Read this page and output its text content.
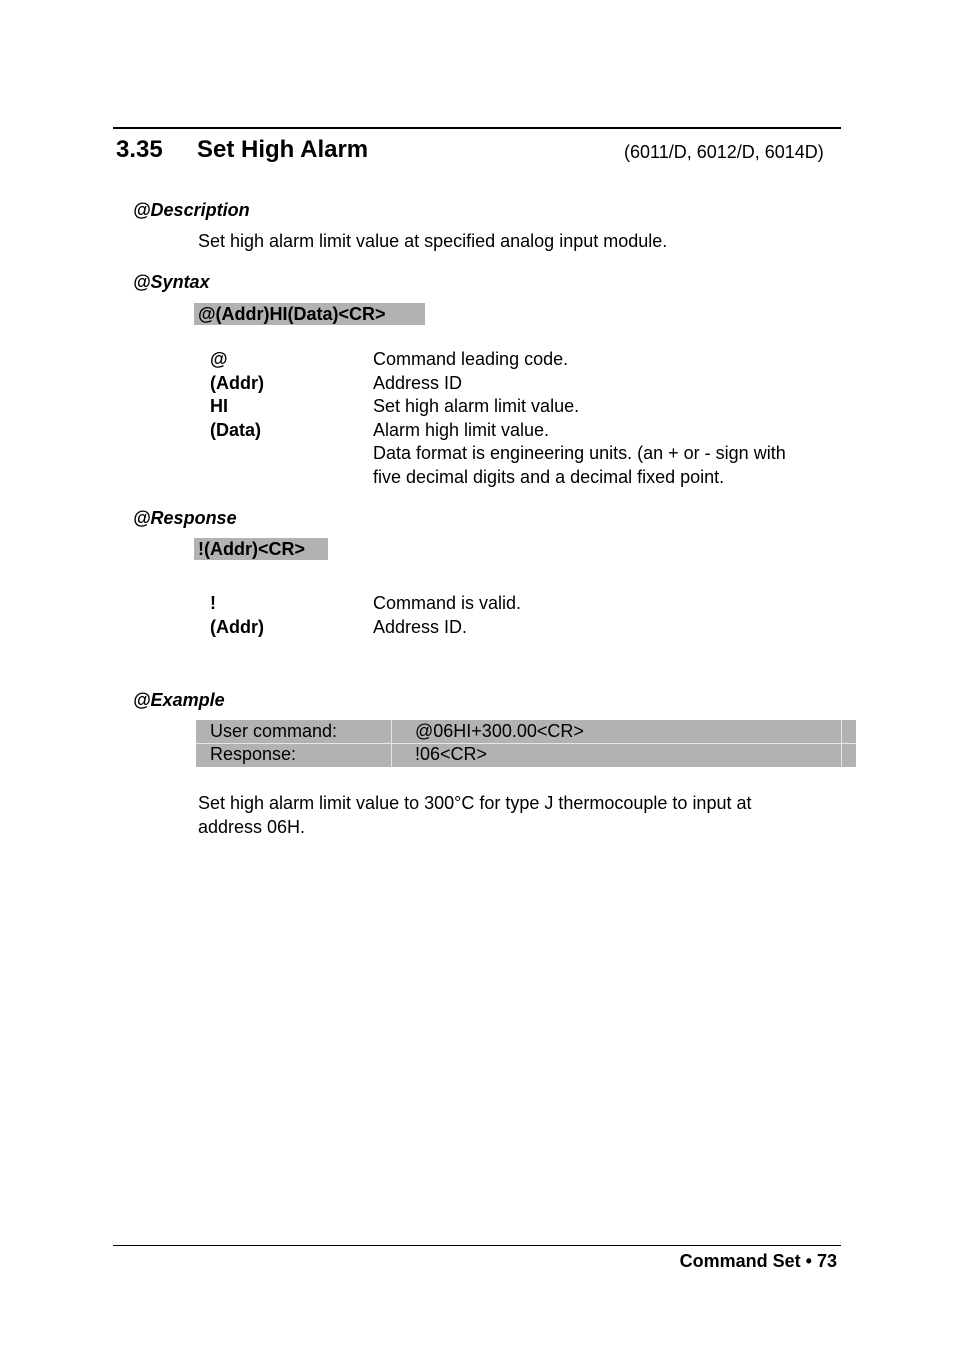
3.35 Set High Alarm	(6011/D, 6012/D, 6014D)
@Description
Set high alarm limit value at specified analog input module.
@Syntax
@(Addr)HI(Data)<CR>
@	Command leading code.
(Addr)	Address ID
HI	Set high alarm limit value.
(Data)	Alarm high limit value.
Data format is engineering units. (an + or - sign with
five decimal digits and a decimal fixed point.
@Response
!(Addr)<CR>
!	Command is valid.
(Addr)	Address ID.
@Example
User command:	@06HI+300.00<CR>
Response:	!06<CR>
Set high alarm limit value to 300°C for type J thermocouple to input at
address 06H.
Command Set • 73
